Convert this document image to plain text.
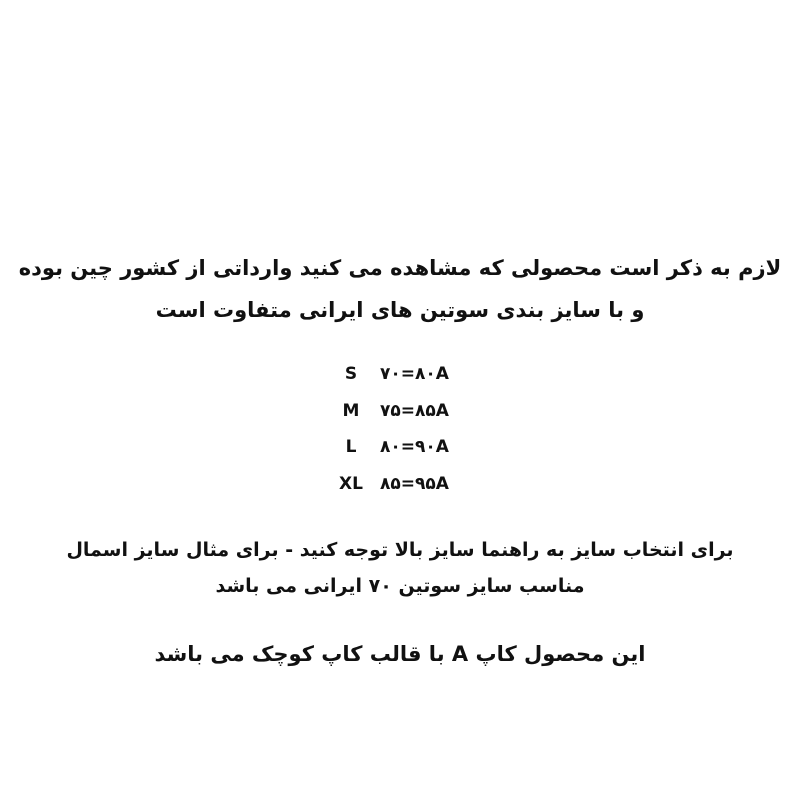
لازم به ذکر است محصولی که مشاهده می کنید وارداتی از کشور چین بوده
و با سایز بندی سوتین های ایرانی متفاوت است
S	۷۰=۸۰A
M	۷۵=۸۵A
L	۸۰=۹۰A
XL	۸۵=۹۵A
برای انتخاب سایز به راهنما سایز بالا توجه کنید - برای مثال سایز اسمال
مناسب سایز سوتین ۷۰ ایرانی می باشد
این محصول کاپ A با قالب کاپ کوچک می باشد
